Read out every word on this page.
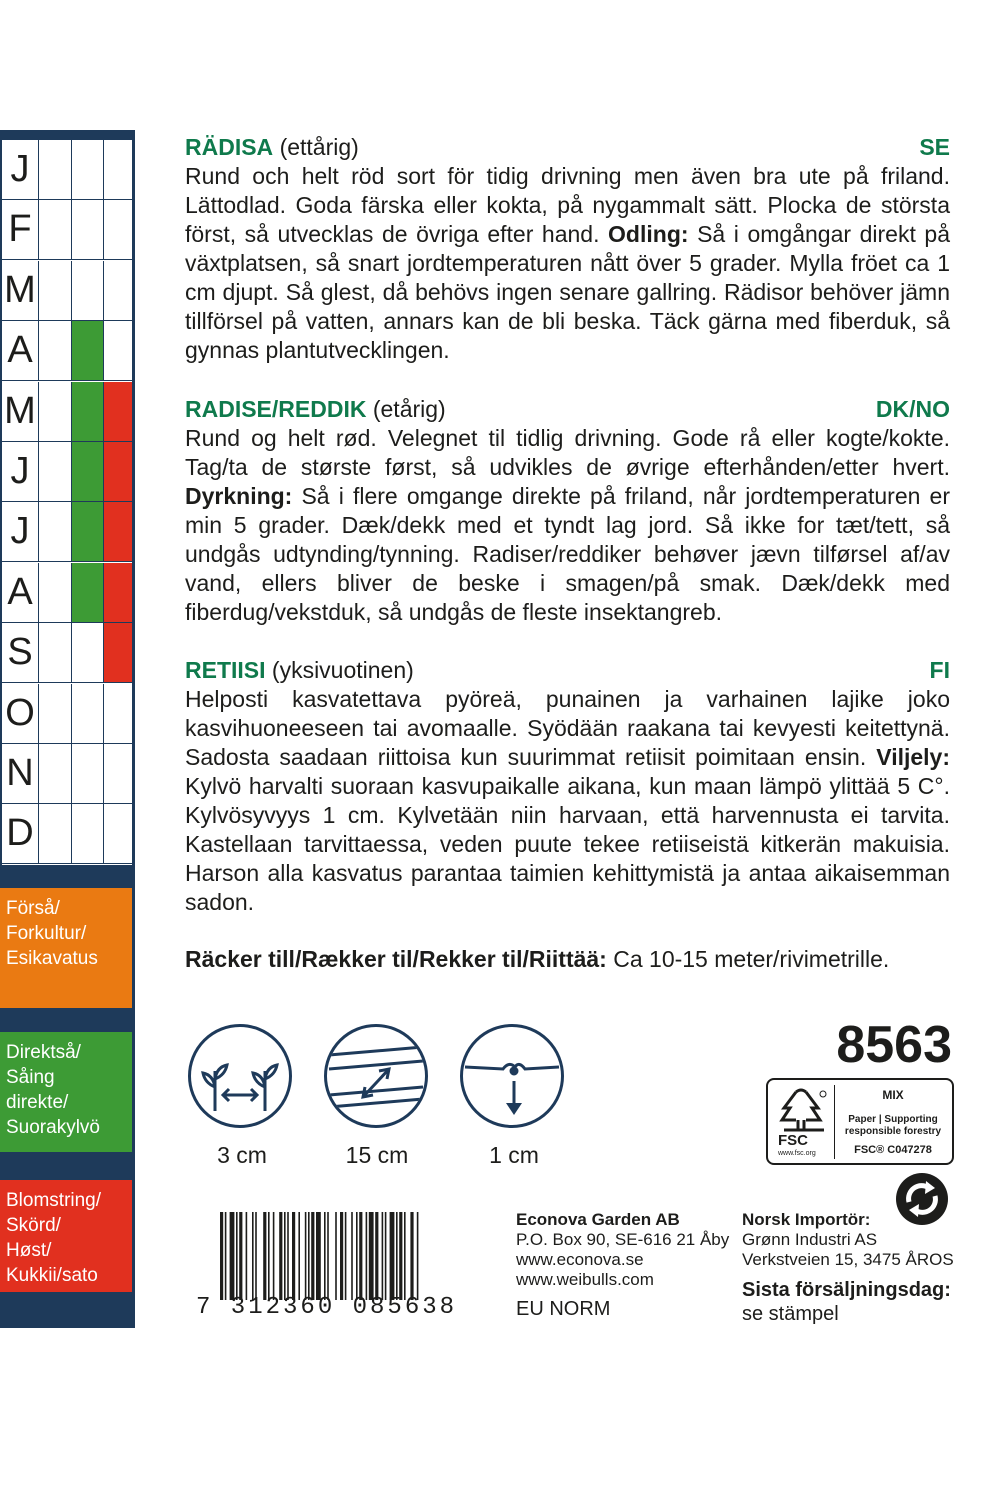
J
F
M
A
M
J
J
A
S
O
N
D
Förså/
Forkultur/
Esikavatus
Direktså/
Såing
direkte/
Suorakylvö
Blomstring/
Skörd/
Høst/
Kukkii/sato
RÄDISA (ettårig)	SE
Rund och helt röd sort för tidig drivning men även bra ute på friland. Lättodlad. Goda färska eller kokta, på nygammalt sätt. Plocka de största först, så utvecklas de övriga efter hand. Odling: Så i omgångar direkt på växtplatsen, så snart jordtemperaturen nått över 5 grader. Mylla fröet ca 1 cm djupt. Så glest, då behövs ingen senare gallring. Rädisor behöver jämn tillförsel på vatten, annars kan de bli beska. Täck gärna med fiberduk, så gynnas plantutvecklingen.
RADISE/REDDIK (etårig)	DK/NO
Rund og helt rød. Velegnet til tidlig drivning. Gode rå eller kogte/kokte. Tag/ta de største først, så udvikles de øvrige efterhånden/etter hvert. Dyrkning: Så i flere omgange direkte på friland, når jordtemperaturen er min 5 grader. Dæk/dekk med et tyndt lag jord. Så ikke for tæt/tett, så undgås udtynding/tynning. Radiser/reddiker behøver jævn tilførsel af/av vand, ellers bliver de beske i smagen/på smak. Dæk/dekk med fiberdug/vekstduk, så undgås de fleste insektangreb.
RETIISI (yksivuotinen)	FI
Helposti kasvatettava pyöreä, punainen ja varhainen lajike joko kasvihuoneeseen tai avomaalle. Syödään raakana tai kevyesti keitettynä. Sadosta saadaan riittoisa kun suurimmat retiisit poimitaan ensin. Viljely: Kylvö harvalti suoraan kasvupaikalle aikana, kun maan lämpö ylittää 5 C°. Kylvösyvyys 1 cm. Kylvetään niin harvaan, että harvennusta ei tarvita. Kastellaan tarvittaessa, veden puute tekee retiiseistä kitkerän makuisia. Harson alla kasvatus parantaa taimien kehittymistä ja antaa aikaisemman sadon.
Räcker till/Rækker til/Rekker til/Riittää: Ca 10-15 meter/rivimetrille.
3 cm	15 cm	1 cm
8563
FSC
www.fsc.org
MIX
Paper | Supporting
responsible forestry
FSC® C047278
7 312360 085638
Econova Garden AB
P.O. Box 90, SE-616 21 Åby
www.econova.se
www.weibulls.com
EU NORM
Norsk Importör:
Grønn Industri AS
Verkstveien 15, 3475 ÅROS
Sista försäljningsdag:
se stämpel
